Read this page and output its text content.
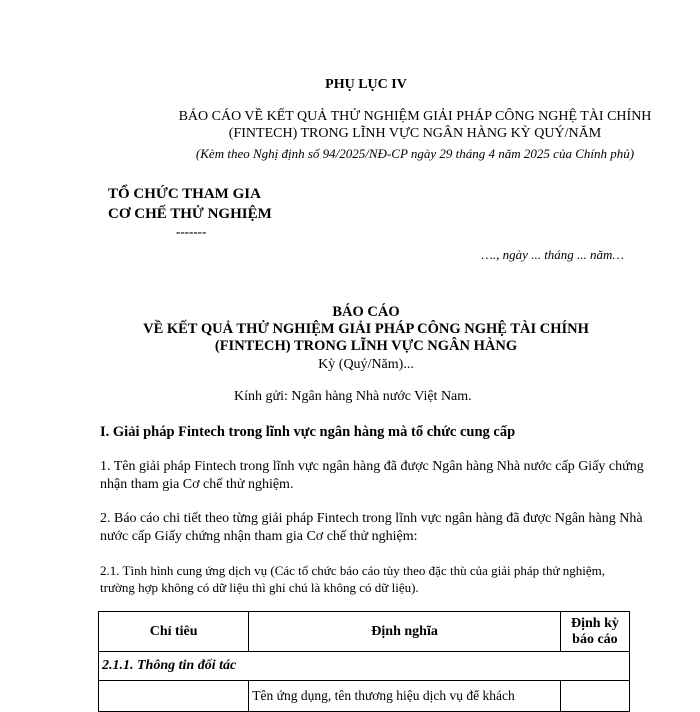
PHỤ LỤC IV
BÁO CÁO VỀ KẾT QUẢ THỬ NGHIỆM GIẢI PHÁP CÔNG NGHỆ TÀI CHÍNH
(FINTECH) TRONG LĨNH VỰC NGÂN HÀNG KỲ QUÝ/NĂM
(Kèm theo Nghị định số 94/2025/NĐ-CP ngày 29 tháng 4 năm 2025 của Chính phủ)
TỔ CHỨC THAM GIA
CƠ CHẾ THỬ NGHIỆM
-------
…., ngày ... tháng ... năm…
BÁO CÁO
VỀ KẾT QUẢ THỬ NGHIỆM GIẢI PHÁP CÔNG NGHỆ TÀI CHÍNH
(FINTECH) TRONG LĨNH VỰC NGÂN HÀNG
Kỳ (Quý/Năm)...
Kính gửi: Ngân hàng Nhà nước Việt Nam.
I. Giải pháp Fintech trong lĩnh vực ngân hàng mà tổ chức cung cấp
1. Tên giải pháp Fintech trong lĩnh vực ngân hàng đã được Ngân hàng Nhà nước cấp Giấy chứng nhận tham gia Cơ chế thử nghiệm.
2. Báo cáo chi tiết theo từng giải pháp Fintech trong lĩnh vực ngân hàng đã được Ngân hàng Nhà nước cấp Giấy chứng nhận tham gia Cơ chế thử nghiệm:
2.1. Tình hình cung ứng dịch vụ (Các tổ chức báo cáo tùy theo đặc thù của giải pháp thử nghiệm, trường hợp không có dữ liệu thì ghi chú là không có dữ liệu).
Chỉ tiêu	Định nghĩa	Định kỳ báo cáo
2.1.1. Thông tin đối tác		
	Tên ứng dụng, tên thương hiệu dịch vụ để khách	
